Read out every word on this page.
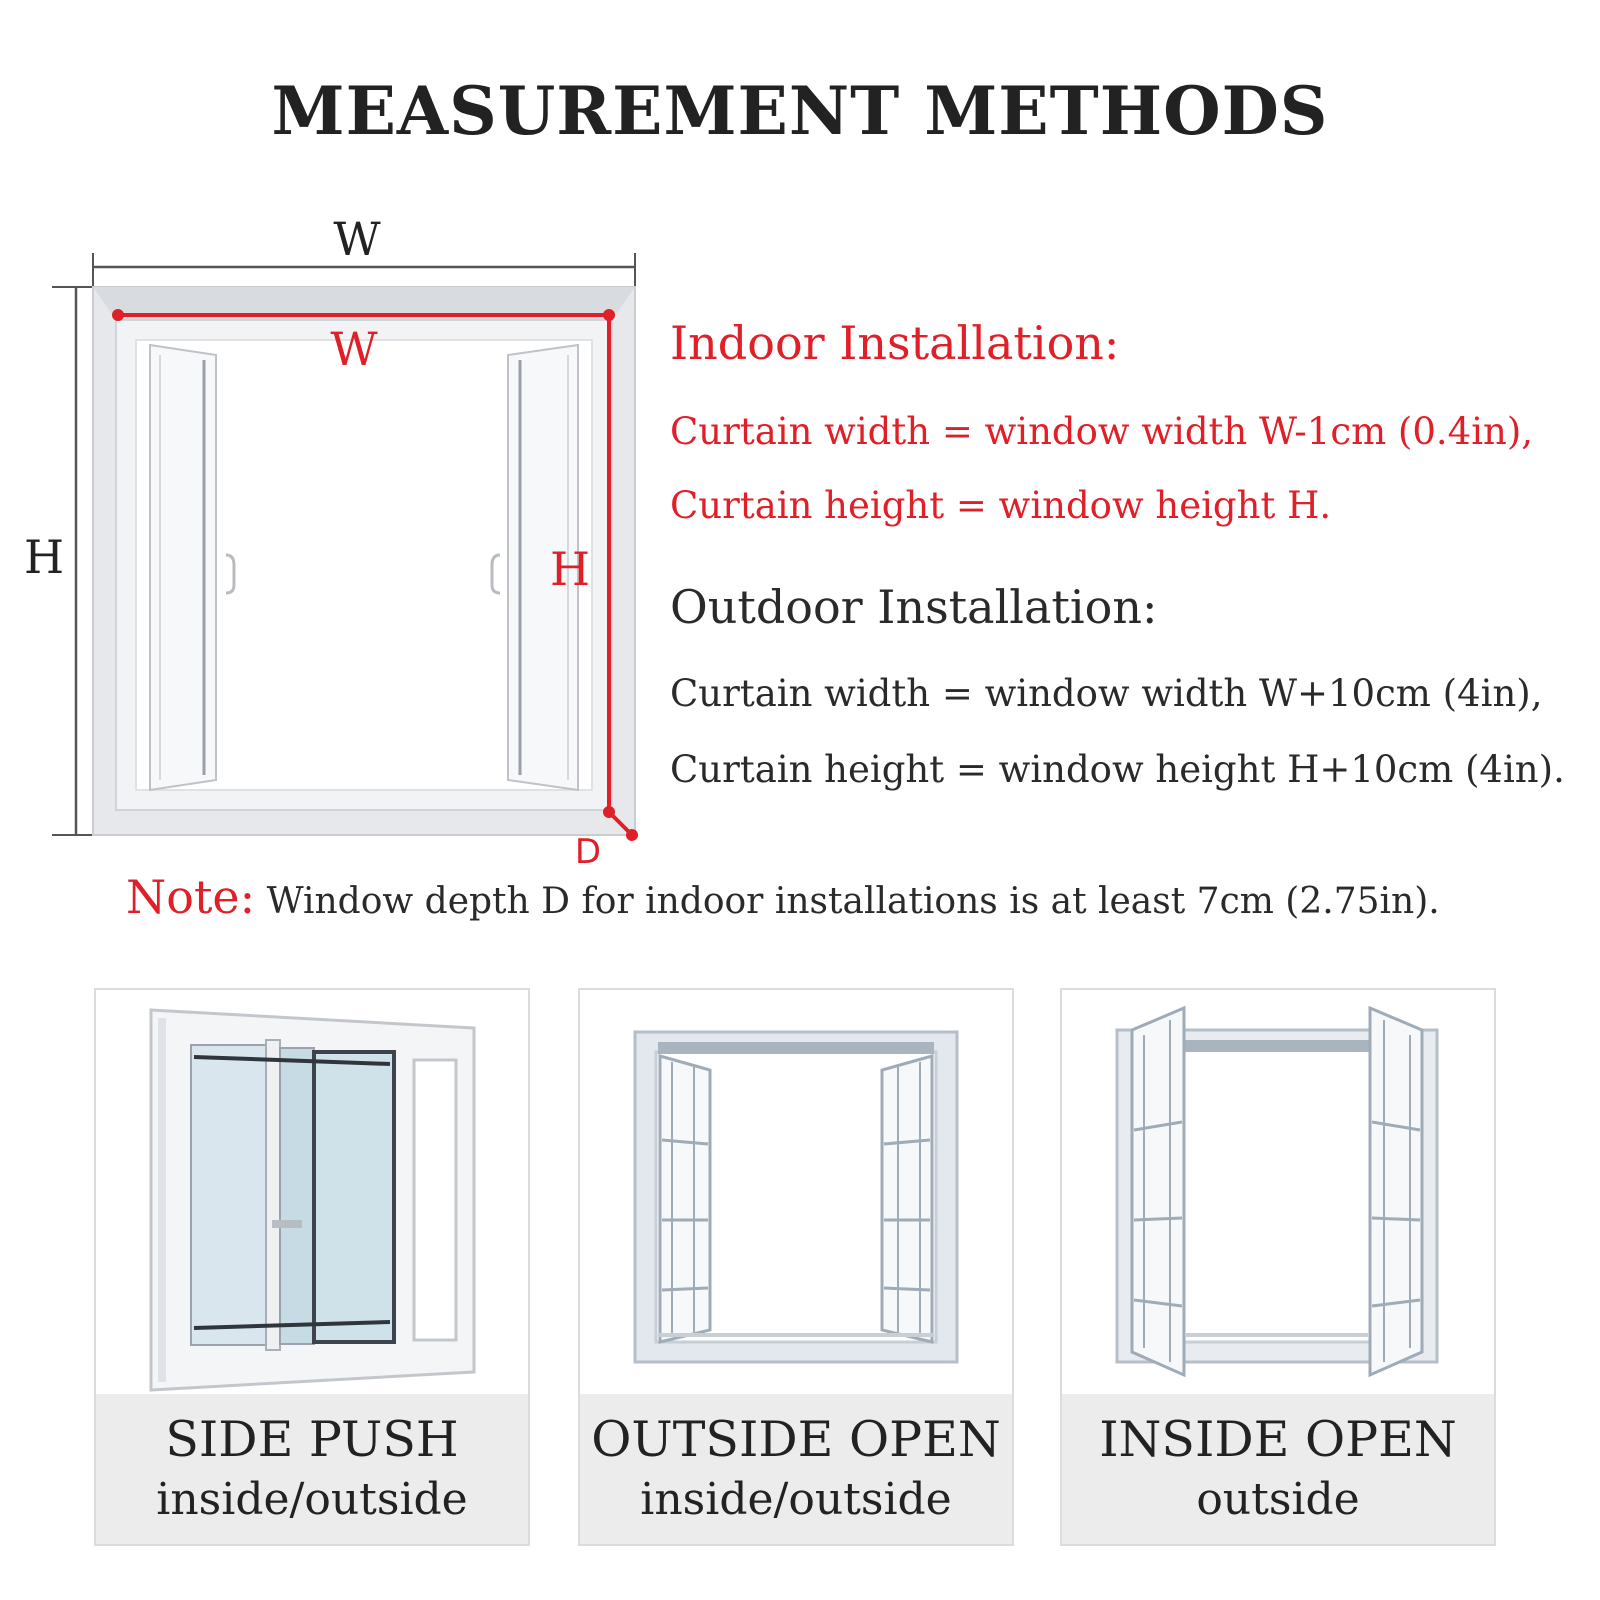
MEASUREMENT METHODS
W
H
W
H
D
Indoor Installation:
Curtain width = window width W-1cm (0.4in),
Curtain height = window height H.
Outdoor Installation:
Curtain width = window width W+10cm (4in),
Curtain height = window height H+10cm (4in).
Note: Window depth D for indoor installations is at least 7cm (2.75in).
SIDE PUSH
inside/outside
OUTSIDE OPEN
inside/outside
INSIDE OPEN
outside
